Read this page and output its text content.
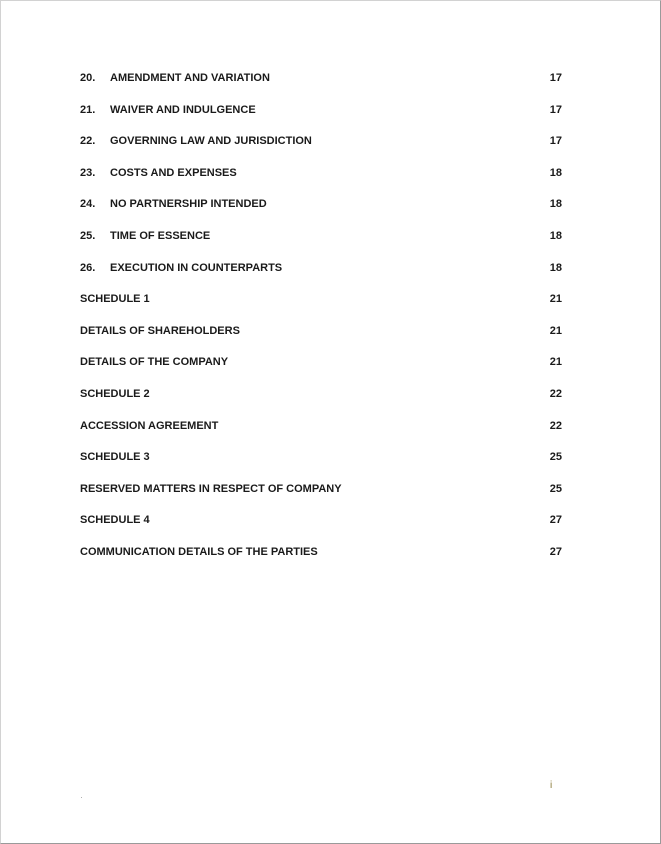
20.	AMENDMENT AND VARIATION	17
21.	WAIVER AND INDULGENCE	17
22.	GOVERNING LAW AND JURISDICTION	17
23.	COSTS AND EXPENSES	18
24.	NO PARTNERSHIP INTENDED	18
25.	TIME OF ESSENCE	18
26.	EXECUTION IN COUNTERPARTS	18
SCHEDULE 1	21
DETAILS OF SHAREHOLDERS	21
DETAILS OF THE COMPANY	21
SCHEDULE 2	22
ACCESSION AGREEMENT	22
SCHEDULE 3	25
RESERVED MATTERS IN RESPECT OF COMPANY	25
SCHEDULE 4	27
COMMUNICATION DETAILS OF THE PARTIES	27
i
